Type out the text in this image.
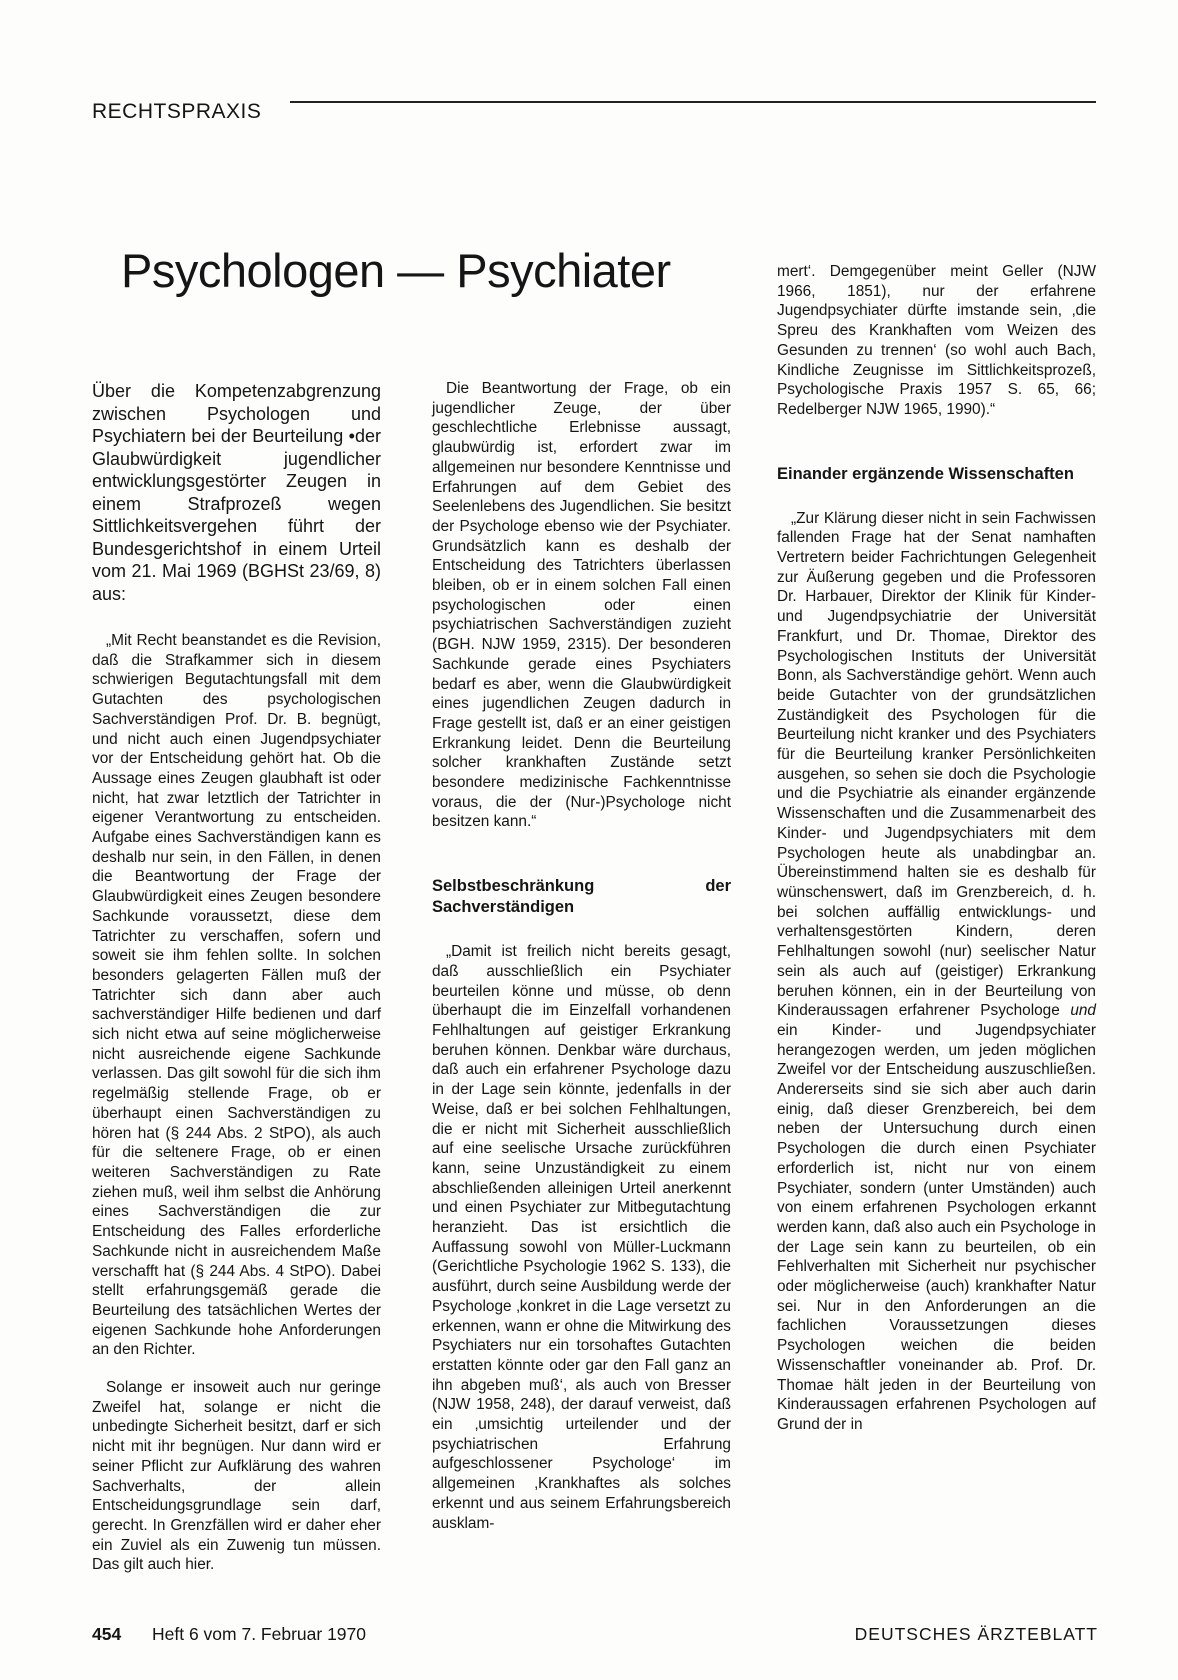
RECHTSPRAXIS
Psychologen — Psychiater

Über die Kompetenzabgrenzung zwischen Psychologen und Psychiatern bei der Beurteilung •der Glaubwürdigkeit jugendlicher entwicklungsgestörter Zeugen in einem Strafprozeß wegen Sittlichkeitsvergehen führt der Bundesgerichtshof in einem Urteil vom 21. Mai 1969 (BGHSt 23/69, 8) aus:

„Mit Recht beanstandet es die Revision, daß die Strafkammer sich in diesem schwierigen Begutachtungsfall mit dem Gutachten des psychologischen Sachverständigen Prof. Dr. B. begnügt, und nicht auch einen Jugendpsychiater vor der Entscheidung gehört hat. Ob die Aussage eines Zeugen glaubhaft ist oder nicht, hat zwar letztlich der Tatrichter in eigener Verantwortung zu entscheiden. Aufgabe eines Sachverständigen kann es deshalb nur sein, in den Fällen, in denen die Beantwortung der Frage der Glaubwürdigkeit eines Zeugen besondere Sachkunde voraussetzt, diese dem Tatrichter zu verschaffen, sofern und soweit sie ihm fehlen sollte. In solchen besonders gelagerten Fällen muß der Tatrichter sich dann aber auch sachverständiger Hilfe bedienen und darf sich nicht etwa auf seine möglicherweise nicht ausreichende eigene Sachkunde verlassen. Das gilt sowohl für die sich ihm regelmäßig stellende Frage, ob er überhaupt einen Sachverständigen zu hören hat (§ 244 Abs. 2 StPO), als auch für die seltenere Frage, ob er einen weiteren Sachverständigen zu Rate ziehen muß, weil ihm selbst die Anhörung eines Sachverständigen die zur Entscheidung des Falles erforderliche Sachkunde nicht in ausreichendem Maße verschafft hat (§ 244 Abs. 4 StPO). Dabei stellt erfahrungsgemäß gerade die Beurteilung des tatsächlichen Wertes der eigenen Sachkunde hohe Anforderungen an den Richter.

Solange er insoweit auch nur geringe Zweifel hat, solange er nicht die unbedingte Sicherheit besitzt, darf er sich nicht mit ihr begnügen. Nur dann wird er seiner Pflicht zur Aufklärung des wahren Sachverhalts, der allein Entscheidungsgrundlage sein darf, gerecht. In Grenzfällen wird er daher eher ein Zuviel als ein Zuwenig tun müssen. Das gilt auch hier.

Die Beantwortung der Frage, ob ein jugendlicher Zeuge, der über geschlechtliche Erlebnisse aussagt, glaubwürdig ist, erfordert zwar im allgemeinen nur besondere Kenntnisse und Erfahrungen auf dem Gebiet des Seelenlebens des Jugendlichen. Sie besitzt der Psychologe ebenso wie der Psychiater. Grundsätzlich kann es deshalb der Entscheidung des Tatrichters überlassen bleiben, ob er in einem solchen Fall einen psychologischen oder einen psychiatrischen Sachverständigen zuzieht (BGH. NJW 1959, 2315). Der besonderen Sachkunde gerade eines Psychiaters bedarf es aber, wenn die Glaubwürdigkeit eines jugendlichen Zeugen dadurch in Frage gestellt ist, daß er an einer geistigen Erkrankung leidet. Denn die Beurteilung solcher krankhaften Zustände setzt besondere medizinische Fachkenntnisse voraus, die der (Nur-)Psychologe nicht besitzen kann.“

Selbstbeschränkung der Sachverständigen

„Damit ist freilich nicht bereits gesagt, daß ausschließlich ein Psychiater beurteilen könne und müsse, ob denn überhaupt die im Einzelfall vorhandenen Fehlhaltungen auf geistiger Erkrankung beruhen können. Denkbar wäre durchaus, daß auch ein erfahrener Psychologe dazu in der Lage sein könnte, jedenfalls in der Weise, daß er bei solchen Fehlhaltungen, die er nicht mit Sicherheit ausschließlich auf eine seelische Ursache zurückführen kann, seine Unzuständigkeit zu einem abschließenden alleinigen Urteil anerkennt und einen Psychiater zur Mitbegutachtung heranzieht. Das ist ersichtlich die Auffassung sowohl von Müller-Luckmann (Gerichtliche Psychologie 1962 S. 133), die ausführt, durch seine Ausbildung werde der Psychologe ‚konkret in die Lage versetzt zu erkennen, wann er ohne die Mitwirkung des Psychiaters nur ein torsohaftes Gutachten erstatten könnte oder gar den Fall ganz an ihn abgeben muß‘, als auch von Bresser (NJW 1958, 248), der darauf verweist, daß ein ‚umsichtig urteilender und der psychiatrischen Erfahrung aufgeschlossener Psychologe‘ im allgemeinen ‚Krankhaftes als solches erkennt und aus seinem Erfahrungsbereich ausklam-

mert‘. Demgegenüber meint Geller (NJW 1966, 1851), nur der erfahrene Jugendpsychiater dürfte imstande sein, ‚die Spreu des Krankhaften vom Weizen des Gesunden zu trennen‘ (so wohl auch Bach, Kindliche Zeugnisse im Sittlichkeitsprozeß, Psychologische Praxis 1957 S. 65, 66; Redelberger NJW 1965, 1990).“

Einander ergänzende Wissenschaften

„Zur Klärung dieser nicht in sein Fachwissen fallenden Frage hat der Senat namhaften Vertretern beider Fachrichtungen Gelegenheit zur Äußerung gegeben und die Professoren Dr. Harbauer, Direktor der Klinik für Kinder- und Jugendpsychiatrie der Universität Frankfurt, und Dr. Thomae, Direktor des Psychologischen Instituts der Universität Bonn, als Sachverständige gehört. Wenn auch beide Gutachter von der grundsätzlichen Zuständigkeit des Psychologen für die Beurteilung nicht kranker und des Psychiaters für die Beurteilung kranker Persönlichkeiten ausgehen, so sehen sie doch die Psychologie und die Psychiatrie als einander ergänzende Wissenschaften und die Zusammenarbeit des Kinder- und Jugendpsychiaters mit dem Psychologen heute als unabdingbar an. Übereinstimmend halten sie es deshalb für wünschenswert, daß im Grenzbereich, d. h. bei solchen auffällig entwicklungs- und verhaltensgestörten Kindern, deren Fehlhaltungen sowohl (nur) seelischer Natur sein als auch auf (geistiger) Erkrankung beruhen können, ein in der Beurteilung von Kinderaussagen erfahrener Psychologe und ein Kinder- und Jugendpsychiater herangezogen werden, um jeden möglichen Zweifel vor der Entscheidung auszuschließen. Andererseits sind sie sich aber auch darin einig, daß dieser Grenzbereich, bei dem neben der Untersuchung durch einen Psychologen die durch einen Psychiater erforderlich ist, nicht nur von einem Psychiater, sondern (unter Umständen) auch von einem erfahrenen Psychologen erkannt werden kann, daß also auch ein Psychologe in der Lage sein kann zu beurteilen, ob ein Fehlverhalten mit Sicherheit nur psychischer oder möglicherweise (auch) krankhafter Natur sei. Nur in den Anforderungen an die fachlichen Voraussetzungen dieses Psychologen weichen die beiden Wissenschaftler voneinander ab. Prof. Dr. Thomae hält jeden in der Beurteilung von Kinderaussagen erfahrenen Psychologen auf Grund der in

454 Heft 6 vom 7. Februar 1970	DEUTSCHES ÄRZTEBLATT
